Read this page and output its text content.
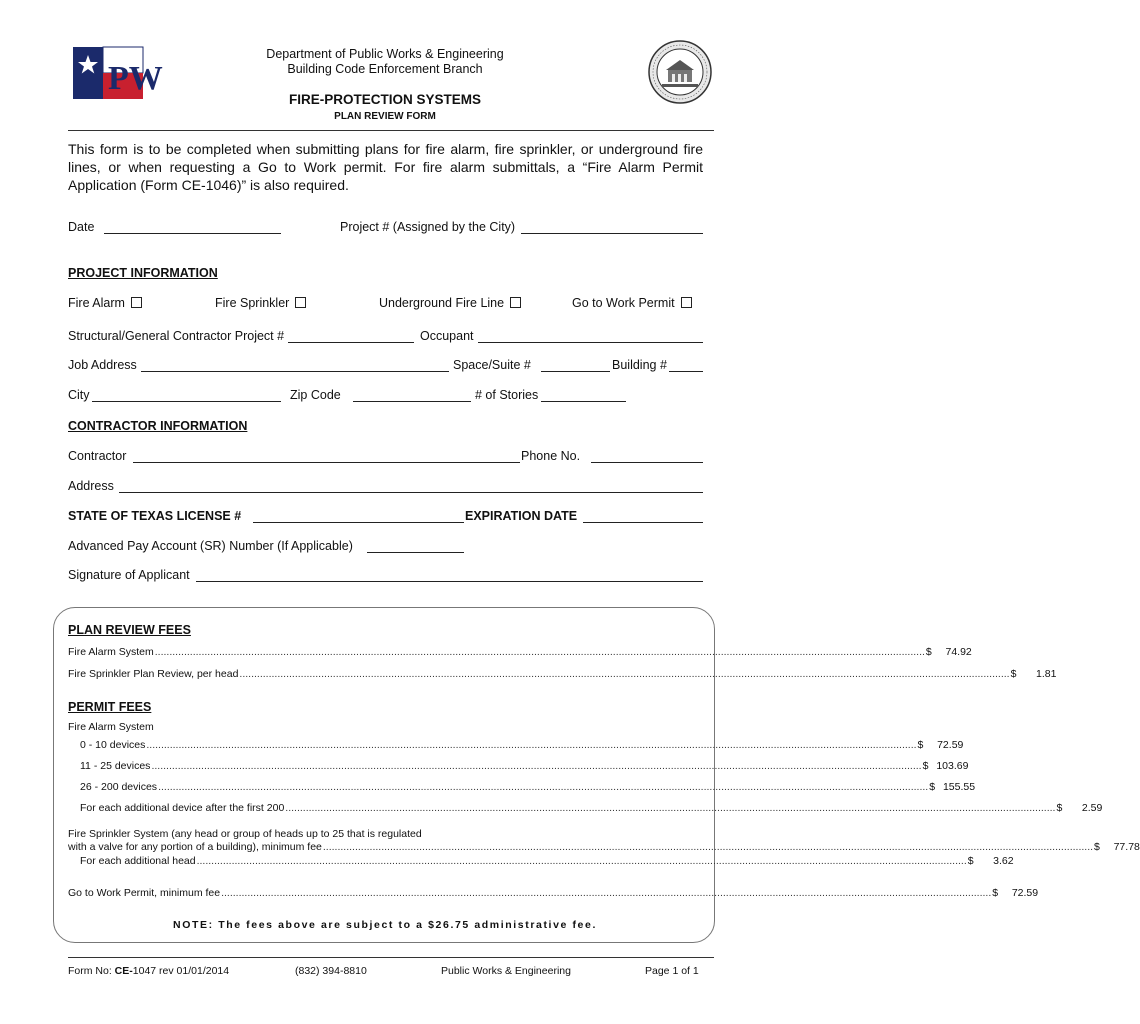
PW
Department of Public Works & Engineering
Building Code Enforcement Branch
FIRE-PROTECTION SYSTEMS
PLAN REVIEW FORM
This form is to be completed when submitting plans for fire alarm, fire sprinkler, or underground fire lines, or when requesting a Go to Work permit. For fire alarm submittals, a “Fire Alarm Permit Application (Form CE-1046)” is also required.
Date	Project # (Assigned by the City)
PROJECT INFORMATION
Fire Alarm	Fire Sprinkler	Underground Fire Line	Go to Work Permit
Structural/General Contractor Project #	Occupant
Job Address	Space/Suite #	Building #
City	Zip Code	# of Stories
CONTRACTOR INFORMATION
Contractor	Phone No.
Address
STATE OF TEXAS LICENSE #	EXPIRATION DATE
Advanced Pay Account (SR) Number (If Applicable)
Signature of Applicant
PLAN REVIEW FEES
Fire Alarm System .....	$	74.92
Fire Sprinkler Plan Review, per head .....	$	1.81
PERMIT FEES
Fire Alarm System
0 - 10 devices .....	$	72.59
11 - 25 devices .....	$ 103.69
26 - 200 devices .....	$ 155.55
For each additional device after the first 200 .....	$	2.59
Fire Sprinkler System (any head or group of heads up to 25 that is regulated
with a valve for any portion of a building), minimum fee .....	$	77.78
For each additional head .....	$	3.62
Go to Work Permit, minimum fee .....	$	72.59
NOTE: The fees above are subject to a $26.75 administrative fee.
Form No: CE-1047 rev 01/01/2014	(832) 394-8810	Public Works & Engineering	Page 1 of 1
